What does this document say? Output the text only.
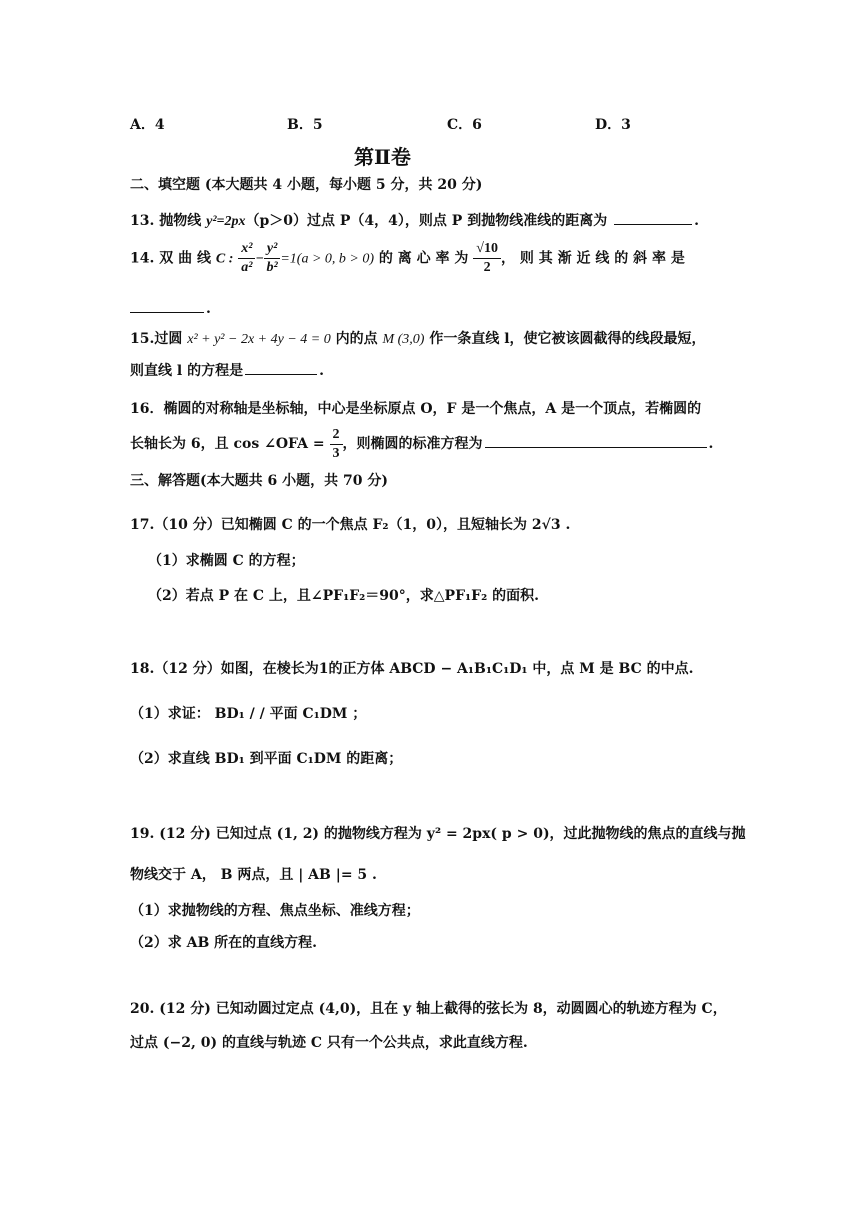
A．4	B．5	C．6	D．3
第Ⅱ卷
二、填空题 (本大题共 4 小题，每小题 5 分，共 20 分)
13. 抛物线 y²=2px（p＞0）过点 P（4，4），则点 P 到抛物线准线的距离为	.
14. 双 曲 线 C : $\frac{\text{x²}}{\text{a²}} - \frac{\text{y²}}{\text{b²}} =1(a > 0$, b > 0) 的 离 心 率 为 $\frac{√10}{2}$ ， 则 其 渐 近 线 的 斜 率 是
.
15.过圆 x² + y² − 2x + 4y − 4 = 0 内的点 M (3,0) 作一条直线 l，使它被该圆截得的线段最短，
则直线 l 的方程是	.
16．椭圆的对称轴是坐标轴，中心是坐标原点 O，F 是一个焦点，A 是一个顶点，若椭圆的
长轴长为 6，且 cos ∠OFA = $\frac{2}{3}$ ，则椭圆的标准方程为	.
三、解答题(本大题共 6 小题，共 70 分)
17.（10 分）已知椭圆 C 的一个焦点 F₂（1，0），且短轴长为 2√3 .
（1）求椭圆 C 的方程；
（2）若点 P 在 C 上，且∠PF₁F₂＝90°，求△PF₁F₂ 的面积.
18.（12 分）如图，在棱长为1的正方体 ABCD − A₁B₁C₁D₁ 中，点 M 是 BC 的中点.
（1）求证： BD₁ / / 平面 C₁DM ；
（2）求直线 BD₁ 到平面 C₁DM 的距离；
19. (12 分) 已知过点 (1, 2) 的抛物线方程为 y² = 2px( p > 0)，过此抛物线的焦点的直线与抛
物线交于 A， B 两点，且 | AB |= 5 .
（1）求抛物线的方程、焦点坐标、准线方程；
（2）求 AB 所在的直线方程.
20. (12 分) 已知动圆过定点 (4,0)，且在 y 轴上截得的弦长为 8，动圆圆心的轨迹方程为 C，
过点 (−2, 0) 的直线与轨迹 C 只有一个公共点，求此直线方程.
